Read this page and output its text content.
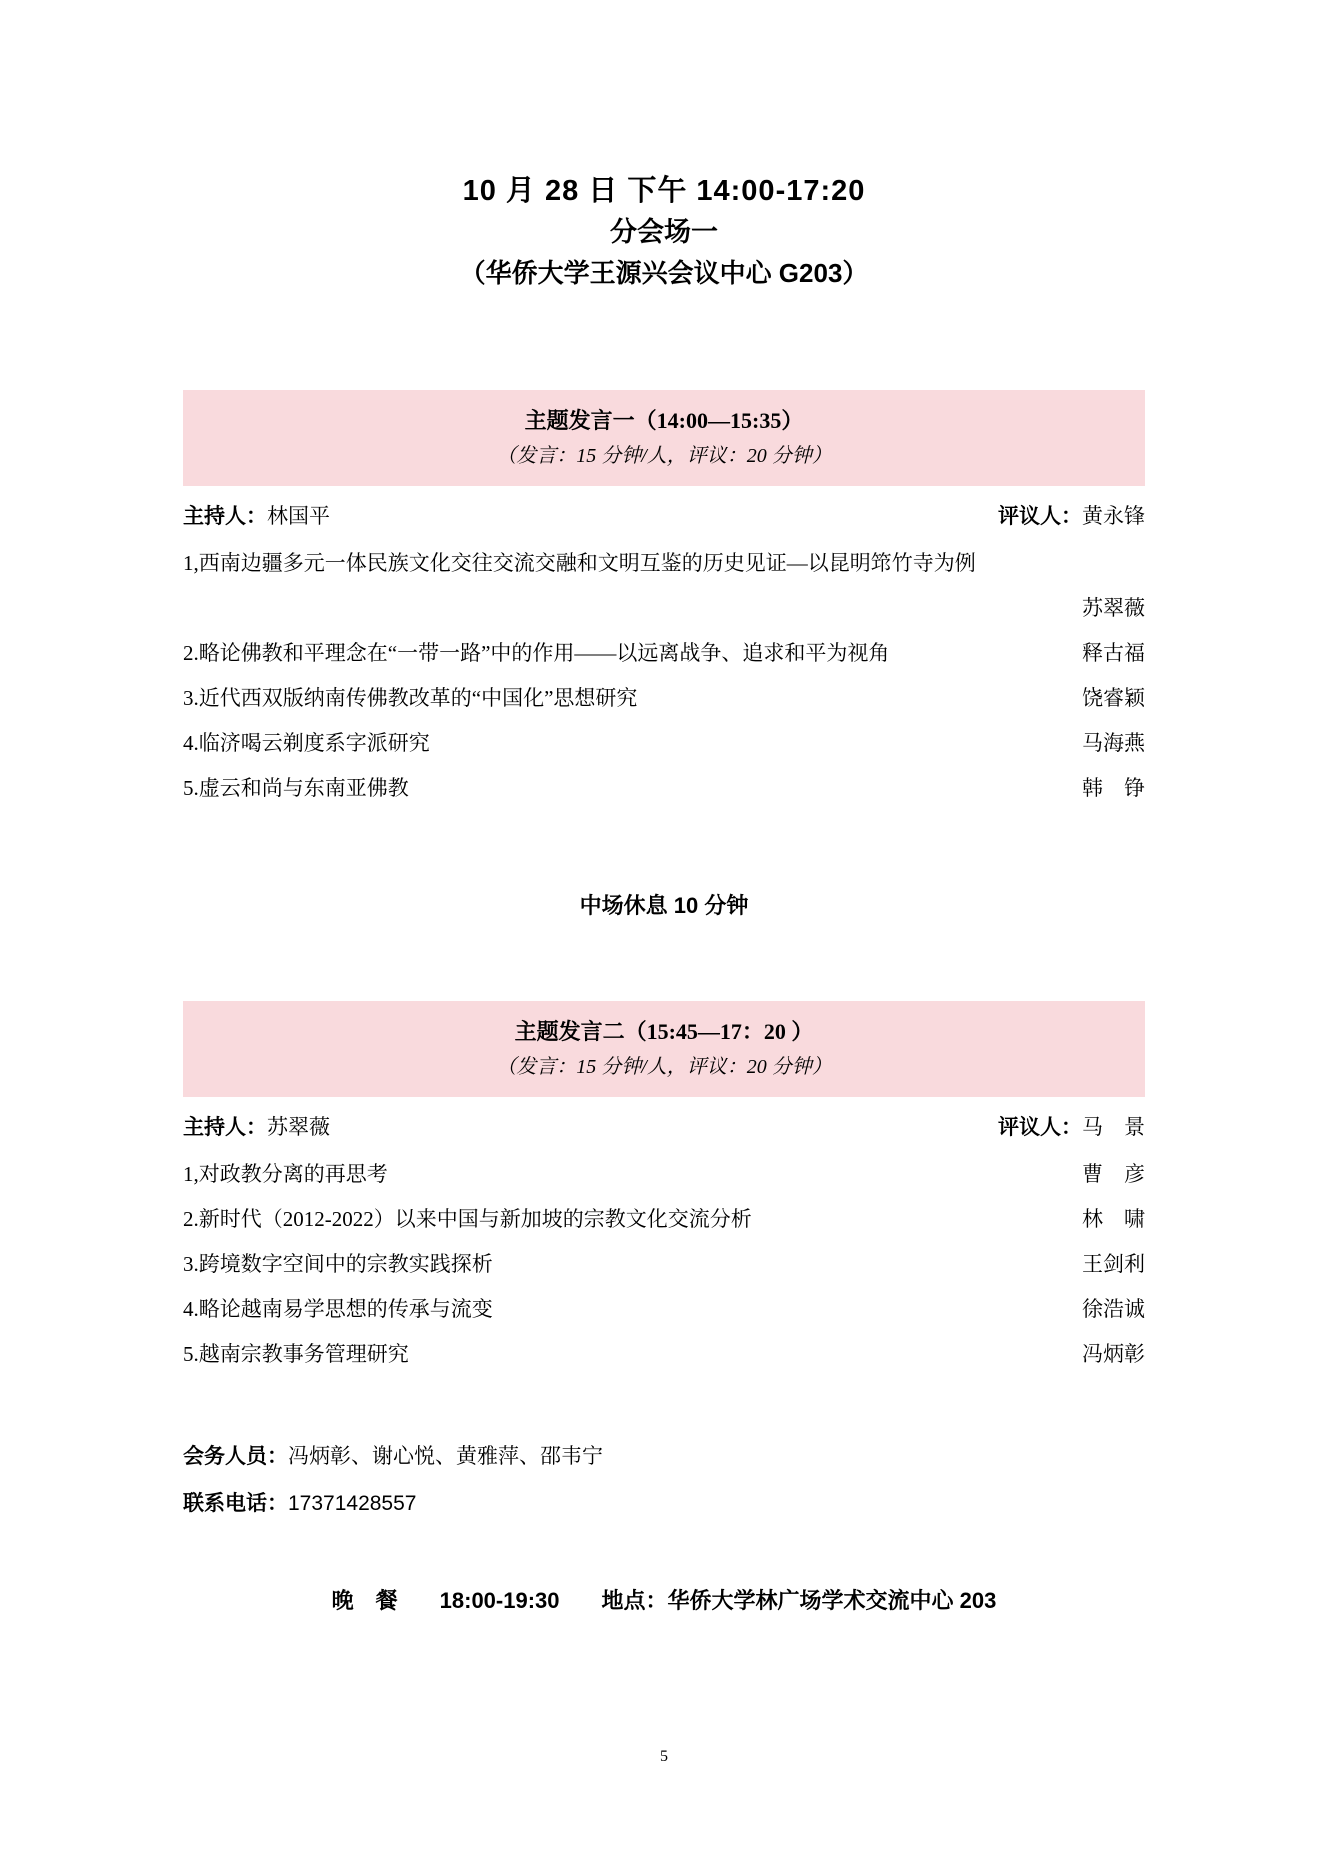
10 月 28 日 下午 14:00-17:20
分会场一
（华侨大学王源兴会议中心 G203）
主题发言一（14:00—15:35）
（发言：15 分钟/人，评议：20 分钟）
主持人：林国平	评议人：黄永锋
1,西南边疆多元一体民族文化交往交流交融和文明互鉴的历史见证—以昆明筇竹寺为例
苏翠薇
2.略论佛教和平理念在“一带一路”中的作用——以远离战争、追求和平为视角	释古福
3.近代西双版纳南传佛教改革的“中国化”思想研究	饶睿颖
4.临济喝云剃度系字派研究	马海燕
5.虚云和尚与东南亚佛教	韩　铮
中场休息 10 分钟
主题发言二（15:45—17：20 ）
（发言：15 分钟/人，评议：20 分钟）
主持人：苏翠薇	评议人：马　景
1,对政教分离的再思考	曹　彦
2.新时代（2012-2022）以来中国与新加坡的宗教文化交流分析	林　啸
3.跨境数字空间中的宗教实践探析	王剑利
4.略论越南易学思想的传承与流变	徐浩诚
5.越南宗教事务管理研究	冯炳彰
会务人员：冯炳彰、谢心悦、黄雅萍、邵韦宁
联系电话：17371428557
晚　餐 18:00-19:30 地点：华侨大学林广场学术交流中心 203
5
